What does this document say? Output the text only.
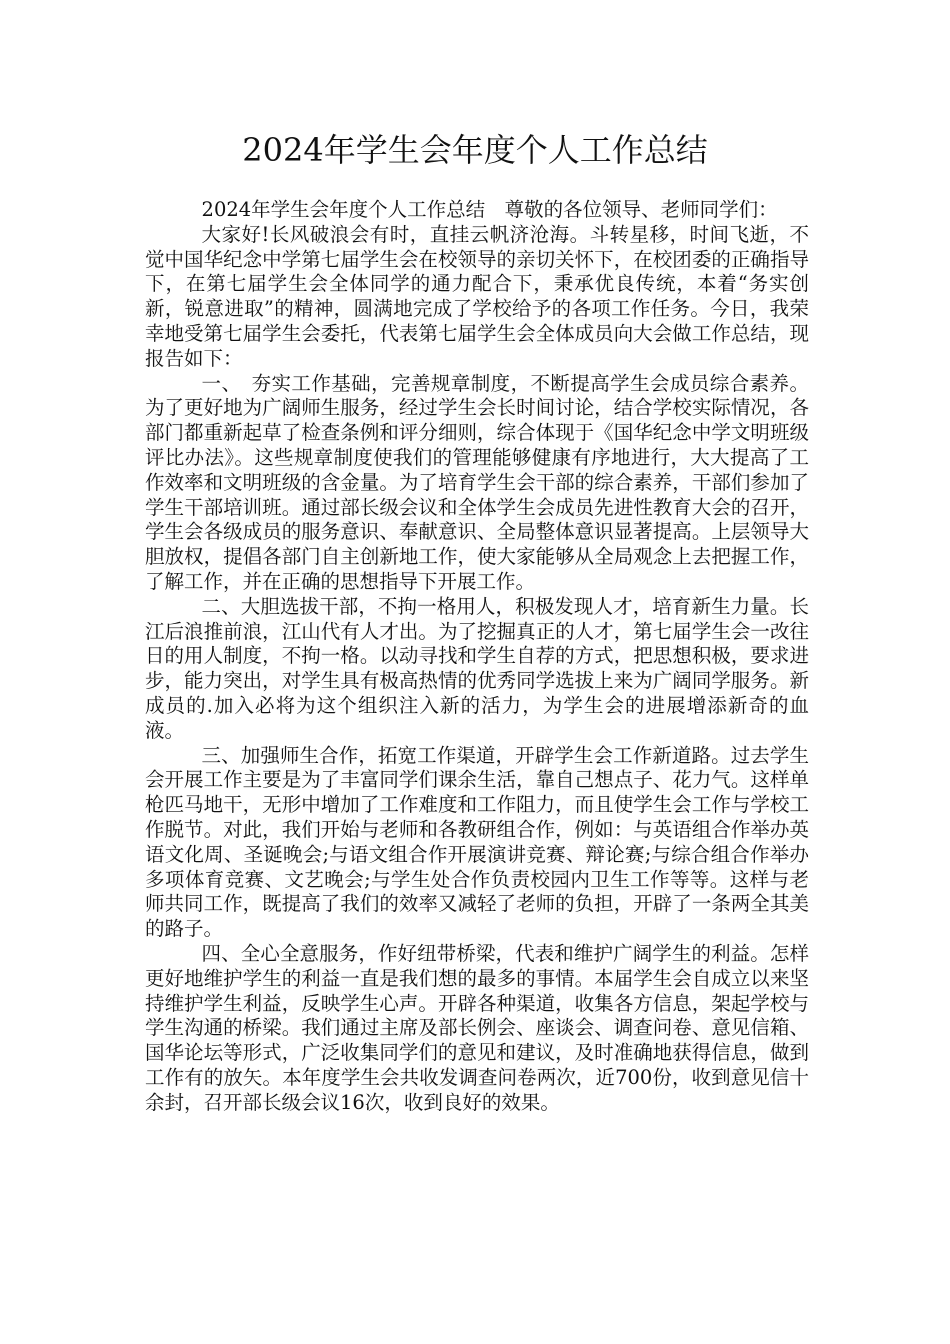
2024年学生会年度个人工作总结

2024年学生会年度个人工作总结　尊敬的各位领导、老师同学们：

大家好!长风破浪会有时，直挂云帆济沧海。斗转星移，时间飞逝，不觉中国华纪念中学第七届学生会在校领导的亲切关怀下，在校团委的正确指导下，在第七届学生会全体同学的通力配合下，秉承优良传统，本着“务实创新，锐意进取”的精神，圆满地完成了学校给予的各项工作任务。今日，我荣幸地受第七届学生会委托，代表第七届学生会全体成员向大会做工作总结，现报告如下：

一、　夯实工作基础，完善规章制度，不断提高学生会成员综合素养。为了更好地为广阔师生服务，经过学生会长时间讨论，结合学校实际情况，各部门都重新起草了检查条例和评分细则，综合体现于《国华纪念中学文明班级评比办法》。这些规章制度使我们的管理能够健康有序地进行，大大提高了工作效率和文明班级的含金量。为了培育学生会干部的综合素养，干部们参加了学生干部培训班。通过部长级会议和全体学生会成员先进性教育大会的召开，学生会各级成员的服务意识、奉献意识、全局整体意识显著提高。上层领导大胆放权，提倡各部门自主创新地工作，使大家能够从全局观念上去把握工作，了解工作，并在正确的思想指导下开展工作。

二、大胆选拔干部，不拘一格用人，积极发现人才，培育新生力量。长江后浪推前浪，江山代有人才出。为了挖掘真正的人才，第七届学生会一改往日的用人制度，不拘一格。以动寻找和学生自荐的方式，把思想积极，要求进步，能力突出，对学生具有极高热情的优秀同学选拔上来为广阔同学服务。新成员的.加入必将为这个组织注入新的活力，为学生会的进展增添新奇的血液。

三、加强师生合作，拓宽工作渠道，开辟学生会工作新道路。过去学生会开展工作主要是为了丰富同学们课余生活，靠自己想点子、花力气。这样单枪匹马地干，无形中增加了工作难度和工作阻力，而且使学生会工作与学校工作脱节。对此，我们开始与老师和各教研组合作，例如：与英语组合作举办英语文化周、圣诞晚会;与语文组合作开展演讲竞赛、辩论赛;与综合组合作举办多项体育竞赛、文艺晚会;与学生处合作负责校园内卫生工作等等。这样与老师共同工作，既提高了我们的效率又减轻了老师的负担，开辟了一条两全其美的路子。

四、全心全意服务，作好纽带桥梁，代表和维护广阔学生的利益。怎样更好地维护学生的利益一直是我们想的最多的事情。本届学生会自成立以来坚持维护学生利益，反映学生心声。开辟各种渠道，收集各方信息，架起学校与学生沟通的桥梁。我们通过主席及部长例会、座谈会、调查问卷、意见信箱、国华论坛等形式，广泛收集同学们的意见和建议，及时准确地获得信息，做到工作有的放矢。本年度学生会共收发调查问卷两次，近700份，收到意见信十余封，召开部长级会议16次，收到良好的效果。
